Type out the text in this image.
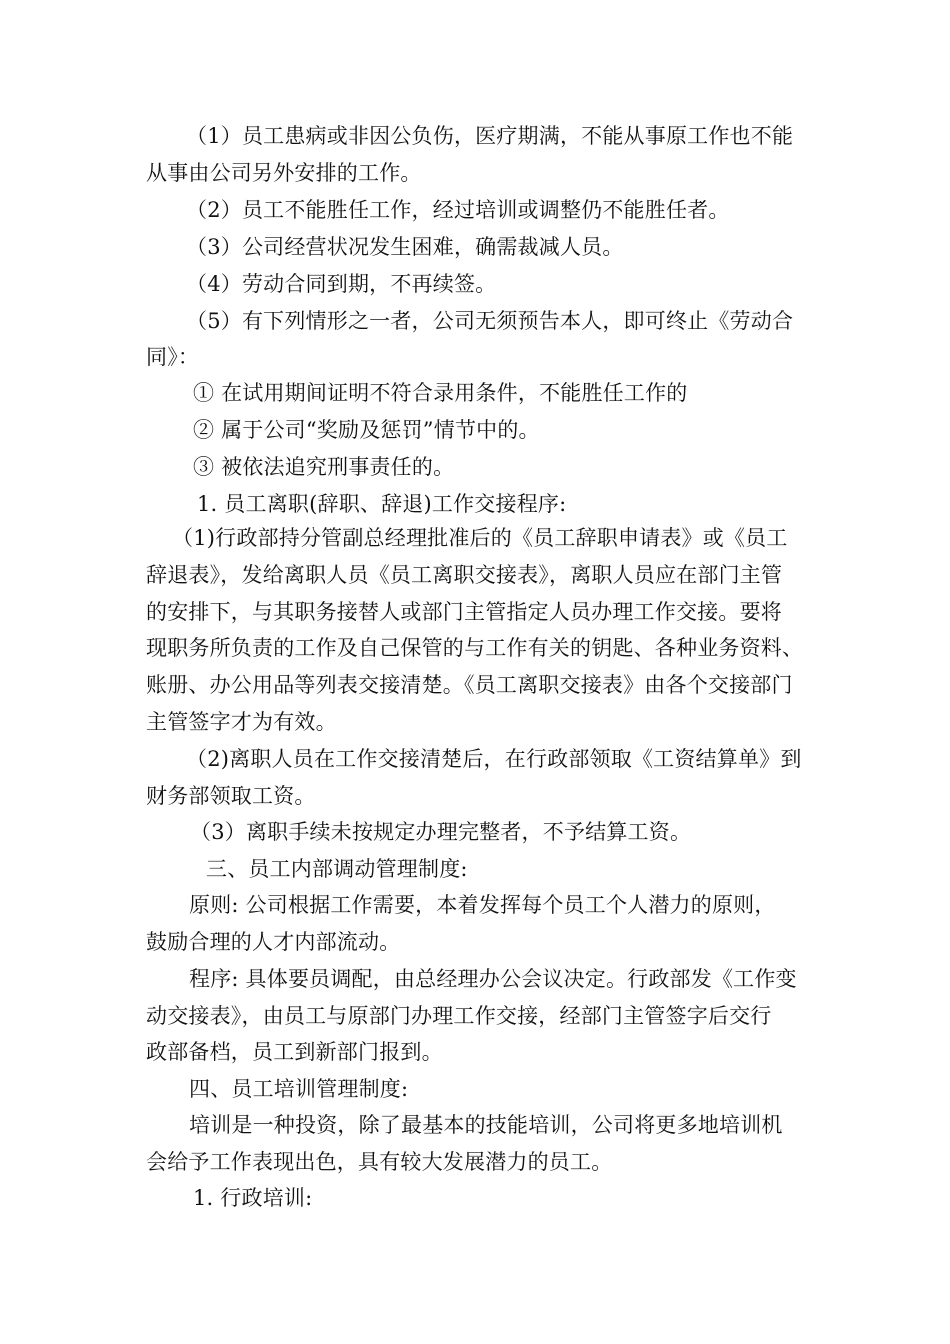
（1）员工患病或非因公负伤，医疗期满，不能从事原工作也不能
从事由公司另外安排的工作。
（2）员工不能胜任工作，经过培训或调整仍不能胜任者。
（3）公司经营状况发生困难，确需裁减人员。
（4）劳动合同到期，不再续签。
（5）有下列情形之一者，公司无须预告本人，即可终止《劳动合
同》：
① 在试用期间证明不符合录用条件，不能胜任工作的
② 属于公司“奖励及惩罚”情节中的。
③ 被依法追究刑事责任的。
1. 员工离职(辞职、辞退)工作交接程序:
（1)行政部持分管副总经理批准后的《员工辞职申请表》或《员工
辞退表》，发给离职人员《员工离职交接表》，离职人员应在部门主管
的安排下，与其职务接替人或部门主管指定人员办理工作交接。要将
现职务所负责的工作及自己保管的与工作有关的钥匙、各种业务资料、
账册、办公用品等列表交接清楚。《员工离职交接表》由各个交接部门
主管签字才为有效。
（2)离职人员在工作交接清楚后，在行政部领取《工资结算单》到
财务部领取工资。
（3）离职手续未按规定办理完整者，不予结算工资。
三、员工内部调动管理制度:
原则: 公司根据工作需要，本着发挥每个员工个人潜力的原则，
鼓励合理的人才内部流动。
程序: 具体要员调配，由总经理办公会议决定。行政部发《工作变
动交接表》，由员工与原部门办理工作交接，经部门主管签字后交行
政部备档，员工到新部门报到。
四、员工培训管理制度:
培训是一种投资，除了最基本的技能培训，公司将更多地培训机
会给予工作表现出色，具有较大发展潜力的员工。
1. 行政培训:
